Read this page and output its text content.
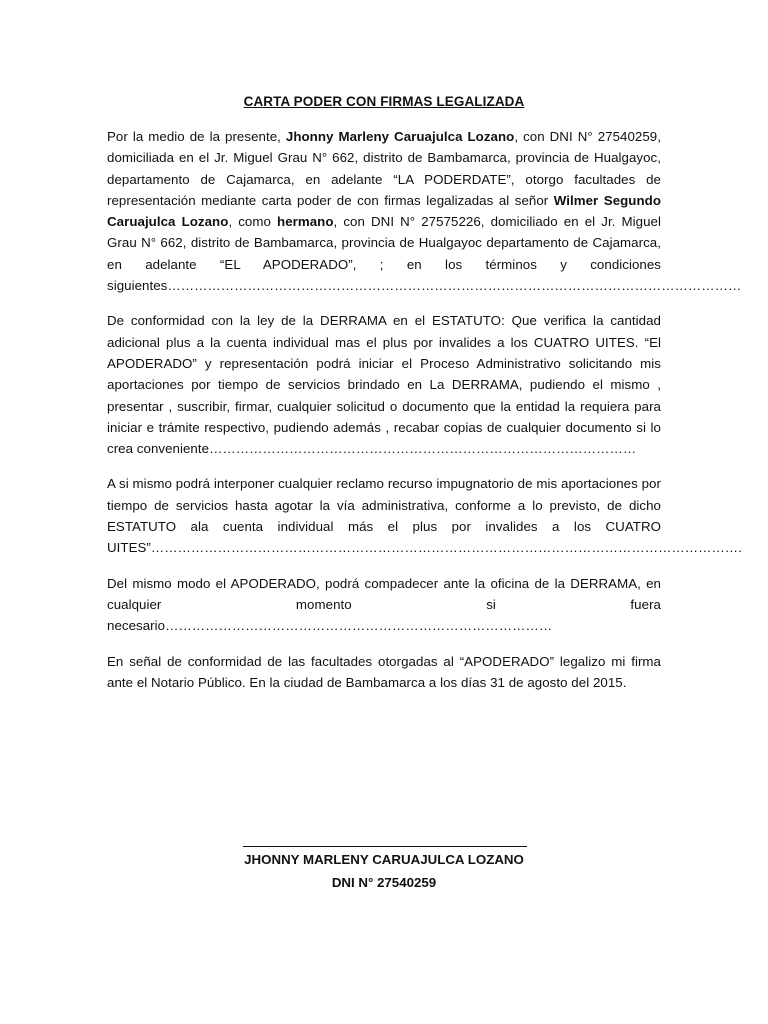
CARTA PODER CON FIRMAS LEGALIZADA

Por la medio de la presente, Jhonny Marleny Caruajulca Lozano, con DNI N° 27540259, domiciliada en el Jr. Miguel Grau N° 662, distrito de Bambamarca, provincia de Hualgayoc, departamento de Cajamarca, en adelante “LA PODERDATE”, otorgo facultades de representación mediante carta poder de con firmas legalizadas al señor Wilmer Segundo Caruajulca Lozano, como hermano, con DNI N° 27575226, domiciliado en el Jr. Miguel Grau N° 662, distrito de Bambamarca, provincia de Hualgayoc departamento de Cajamarca, en adelante “EL APODERADO”, ; en los términos y condiciones siguientes…………………………………………………………………………………………………………………

De conformidad con la ley de la DERRAMA en el ESTATUTO: Que verifica la cantidad adicional plus a la cuenta individual mas el plus por invalides a los CUATRO UITES. “El APODERADO” y representación podrá iniciar el Proceso Administrativo solicitando mis aportaciones por tiempo de servicios brindado en La DERRAMA, pudiendo el mismo , presentar , suscribir, firmar, cualquier solicitud o documento que la entidad la requiera para iniciar e trámite respectivo, pudiendo además , recabar copias de cualquier documento si lo crea conveniente……………………………………………………………………………………

A si mismo podrá interponer cualquier reclamo recurso impugnatorio de mis aportaciones por tiempo de servicios hasta agotar la vía administrativa, conforme a lo previsto, de dicho ESTATUTO ala cuenta individual más el plus por invalides a los CUATRO UITES”…………………………………………………………………………………………………………………….

Del mismo modo el APODERADO, podrá compadecer ante la oficina de la DERRAMA, en cualquier momento si fuera necesario……………………………………………………………………………

En señal de conformidad de las facultades otorgadas al “APODERADO” legalizo mi firma ante el Notario Público. En la ciudad de Bambamarca a los días 31 de agosto del 2015.

JHONNY MARLENY CARUAJULCA LOZANO
DNI N° 27540259
